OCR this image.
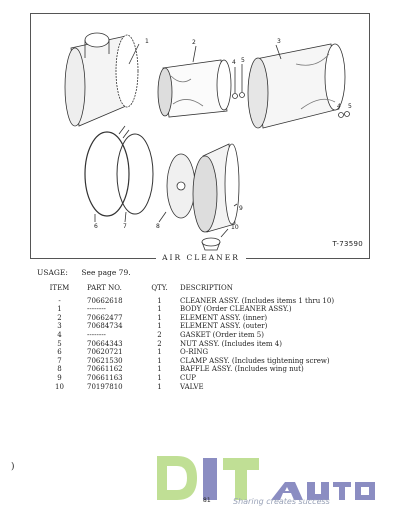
1	2	3
4 5
6	7	8
9
10
4 5
T-73590
AIR CLEANER
USAGE: See page 79.
ITEM	PART NO.	QTY.	DESCRIPTION
-	70662618	1	CLEANER ASSY. (Includes items 1 thru 10)
1	--------	1	BODY (Order CLEANER ASSY.)
2	70662477	1	ELEMENT ASSY. (inner)
3	70684734	1	ELEMENT ASSY. (outer)
4	--------	2	GASKET (Order item 5)
5	70664343	2	NUT ASSY. (Includes item 4)
6	70620721	1	O-RING
7	70621530	1	CLAMP ASSY. (Includes tightening screw)
8	70661162	1	BAFFLE ASSY. (Includes wing nut)
9	70661163	1	CUP
10	70197810	1	VALVE
)
Sharing creates success
81
